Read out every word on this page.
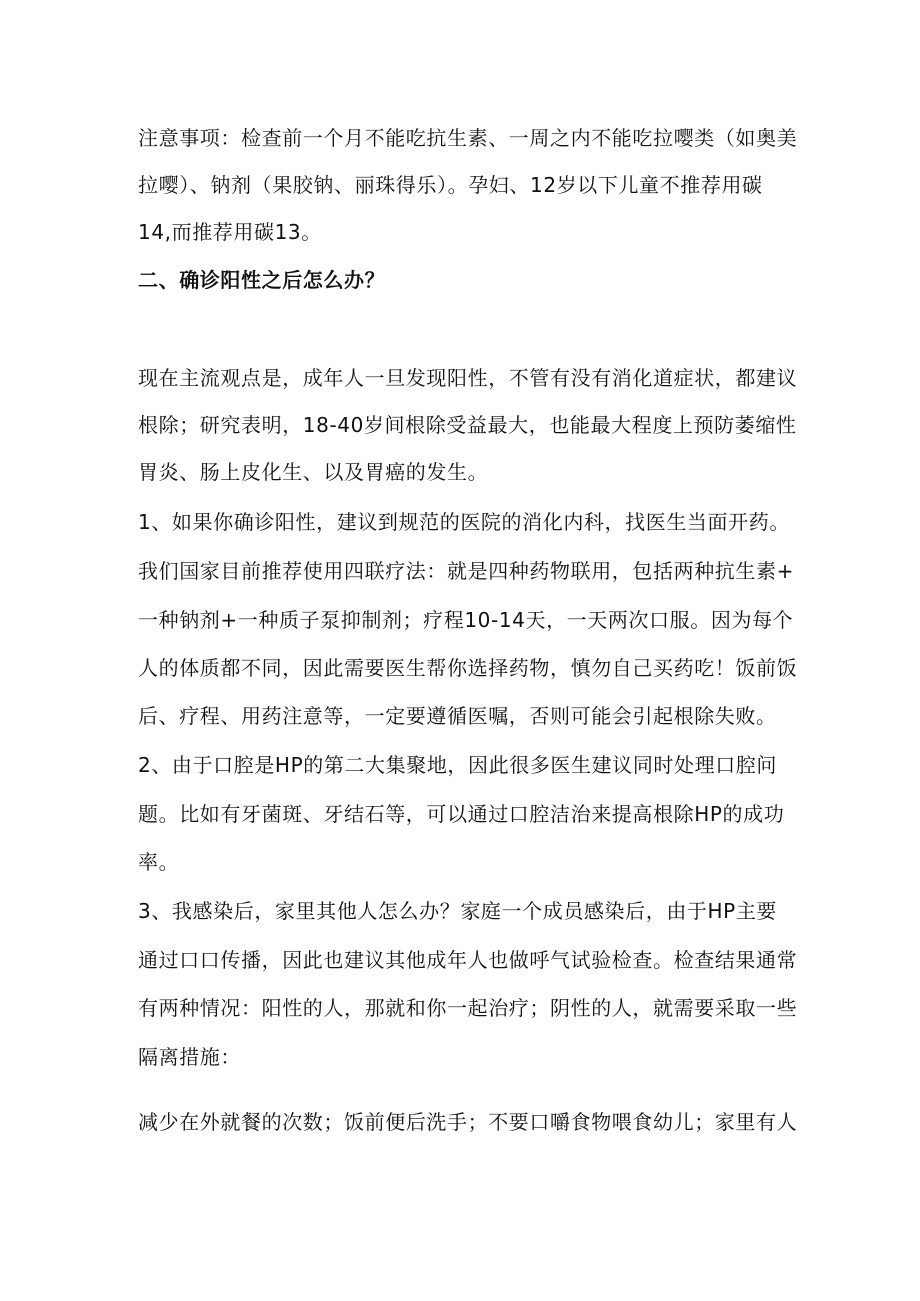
注意事项：检查前一个月不能吃抗生素、一周之内不能吃拉嘤类（如奥美
拉嘤）、钠剂（果胶钠、丽珠得乐）。孕妇、12岁以下儿童不推荐用碳
14,而推荐用碳13。
二、确诊阳性之后怎么办？
现在主流观点是，成年人一旦发现阳性，不管有没有消化道症状，都建议
根除；研究表明，18-40岁间根除受益最大，也能最大程度上预防萎缩性
胃炎、肠上皮化生、以及胃癌的发生。
1、如果你确诊阳性，建议到规范的医院的消化内科，找医生当面开药。
我们国家目前推荐使用四联疗法：就是四种药物联用，包括两种抗生素+
一种钠剂+一种质子泵抑制剂；疗程10-14天，一天两次口服。因为每个
人的体质都不同，因此需要医生帮你选择药物，慎勿自己买药吃！饭前饭
后、疗程、用药注意等，一定要遵循医嘱，否则可能会引起根除失败。
2、由于口腔是HP的第二大集聚地，因此很多医生建议同时处理口腔问
题。比如有牙菌斑、牙结石等，可以通过口腔洁治来提高根除HP的成功
率。
3、我感染后，家里其他人怎么办？家庭一个成员感染后，由于HP主要
通过口口传播，因此也建议其他成年人也做呼气试验检查。检查结果通常
有两种情况：阳性的人，那就和你一起治疗；阴性的人，就需要采取一些
隔离措施：
减少在外就餐的次数；饭前便后洗手；不要口嚼食物喂食幼儿；家里有人
